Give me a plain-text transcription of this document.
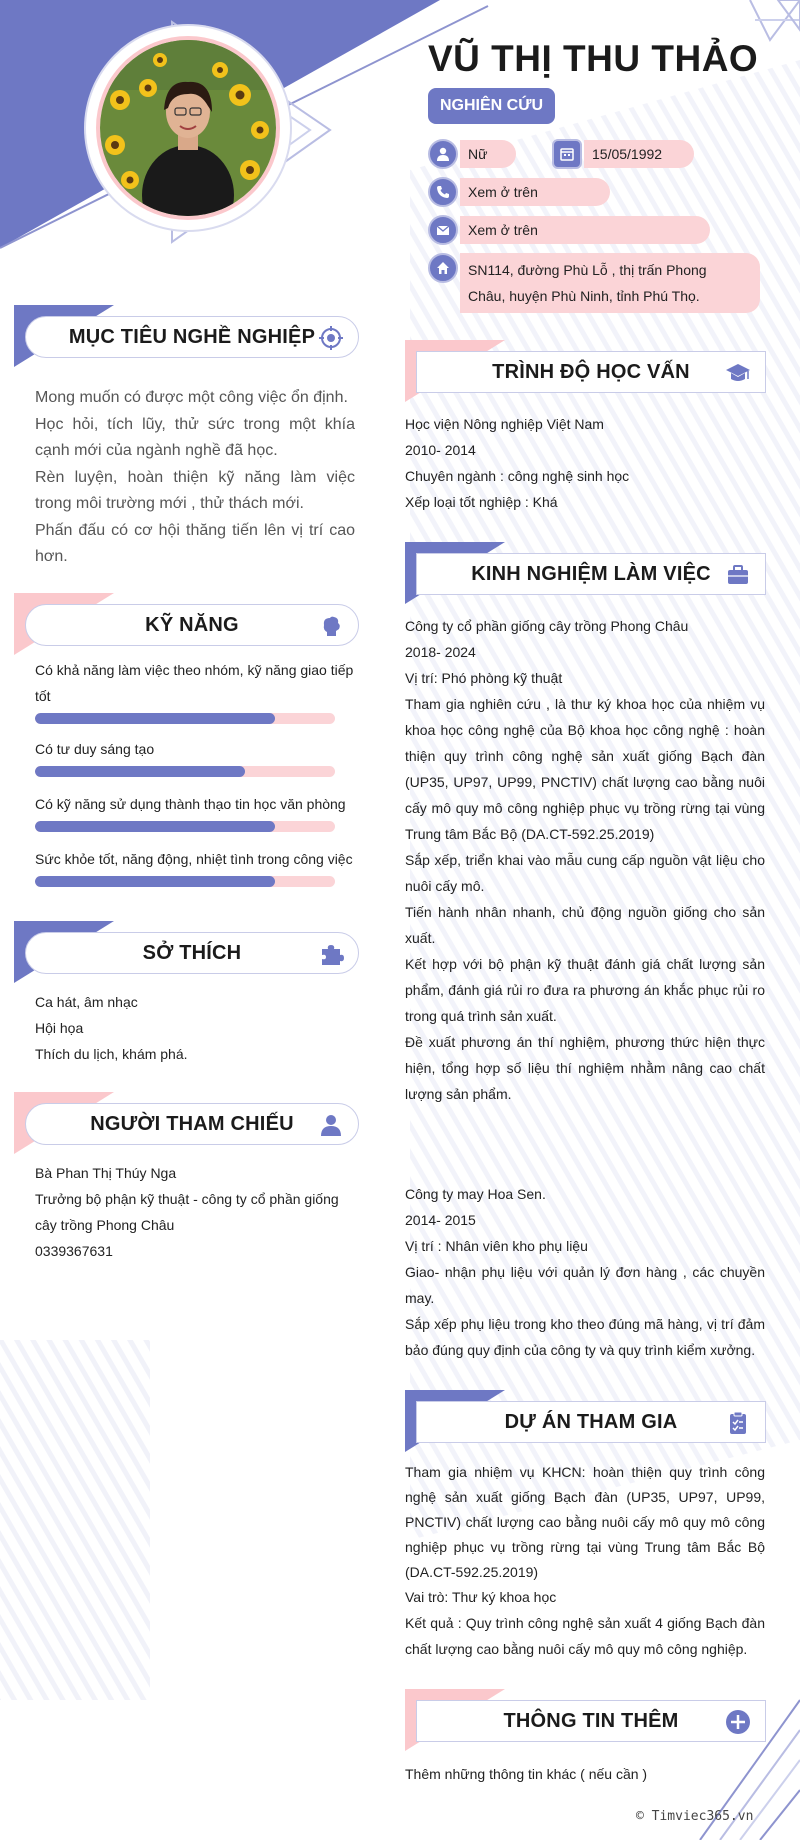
VŨ THỊ THU THẢO
NGHIÊN CỨU
Nữ	15/05/1992
Xem ở trên
Xem ở trên
SN114, đường Phù Lỗ , thị trấn Phong
Châu, huyện Phù Ninh, tỉnh Phú Thọ.
MỤC TIÊU NGHỀ NGHIỆP

Mong muốn có được một công việc ổn định.

Học hỏi, tích lũy, thử sức trong một khía cạnh mới của ngành nghề đã học.

Rèn luyện, hoàn thiện kỹ năng làm việc trong môi trường mới , thử thách mới.

Phấn đấu có cơ hội thăng tiến lên vị trí cao hơn.

KỸ NĂNG
Có khả năng làm việc theo nhóm, kỹ năng giao tiếp tốt
Có tư duy sáng tạo
Có kỹ năng sử dụng thành thạo tin học văn phòng
Sức khỏe tốt, năng động, nhiệt tình trong công việc
SỞ THÍCH

Ca hát, âm nhạc

Hội họa

Thích du lịch, khám phá.

NGƯỜI THAM CHIẾU

Bà Phan Thị Thúy Nga

Trưởng bộ phận kỹ thuật - công ty cổ phần giống cây trồng Phong Châu

0339367631

TRÌNH ĐỘ HỌC VẤN

Học viện Nông nghiệp Việt Nam

2010- 2014

Chuyên ngành : công nghệ sinh học

Xếp loại tốt nghiệp : Khá

KINH NGHIỆM LÀM VIỆC

Công ty cổ phần giống cây trồng Phong Châu

2018- 2024

Vị trí: Phó phòng kỹ thuật

Tham gia nghiên cứu , là thư ký khoa học của nhiệm vụ khoa học công nghệ của Bộ khoa học công nghệ : hoàn thiện quy trình công nghệ sản xuất giống Bạch đàn (UP35, UP97, UP99, PNCTIV) chất lượng cao bằng nuôi cấy mô quy mô công nghiệp phục vụ trồng rừng tại vùng Trung tâm Bắc Bộ (DA.CT-592.25.2019)

Sắp xếp, triển khai vào mẫu cung cấp nguồn vật liệu cho nuôi cấy mô.

Tiến hành nhân nhanh, chủ động nguồn giống cho sản xuất.

Kết hợp với bộ phận kỹ thuật đánh giá chất lượng sản phẩm, đánh giá rủi ro đưa ra phương án khắc phục rủi ro trong quá trình sản xuất.

Đề xuất phương án thí nghiệm, phương thức hiện thực hiện, tổng hợp số liệu thí nghiệm nhằm nâng cao chất lượng sản phẩm.

Công ty may Hoa Sen.

2014- 2015

Vị trí : Nhân viên kho phụ liệu

Giao- nhận phụ liệu với quản lý đơn hàng , các chuyền may.

Sắp xếp phụ liệu trong kho theo đúng mã hàng, vị trí đảm bảo đúng quy định của công ty và quy trình kiểm xưởng.

DỰ ÁN THAM GIA

Tham gia nhiệm vụ KHCN: hoàn thiện quy trình công nghệ sản xuất giống Bạch đàn (UP35, UP97, UP99, PNCTIV) chất lượng cao bằng nuôi cấy mô quy mô công nghiệp phục vụ trồng rừng tại vùng Trung tâm Bắc Bộ (DA.CT-592.25.2019)

Vai trò: Thư ký khoa học

Kết quả : Quy trình công nghệ sản xuất 4 giống Bạch đàn chất lượng cao bằng nuôi cấy mô quy mô công nghiệp.

THÔNG TIN THÊM
Thêm những thông tin khác ( nếu cần )
© Timviec365.vn
